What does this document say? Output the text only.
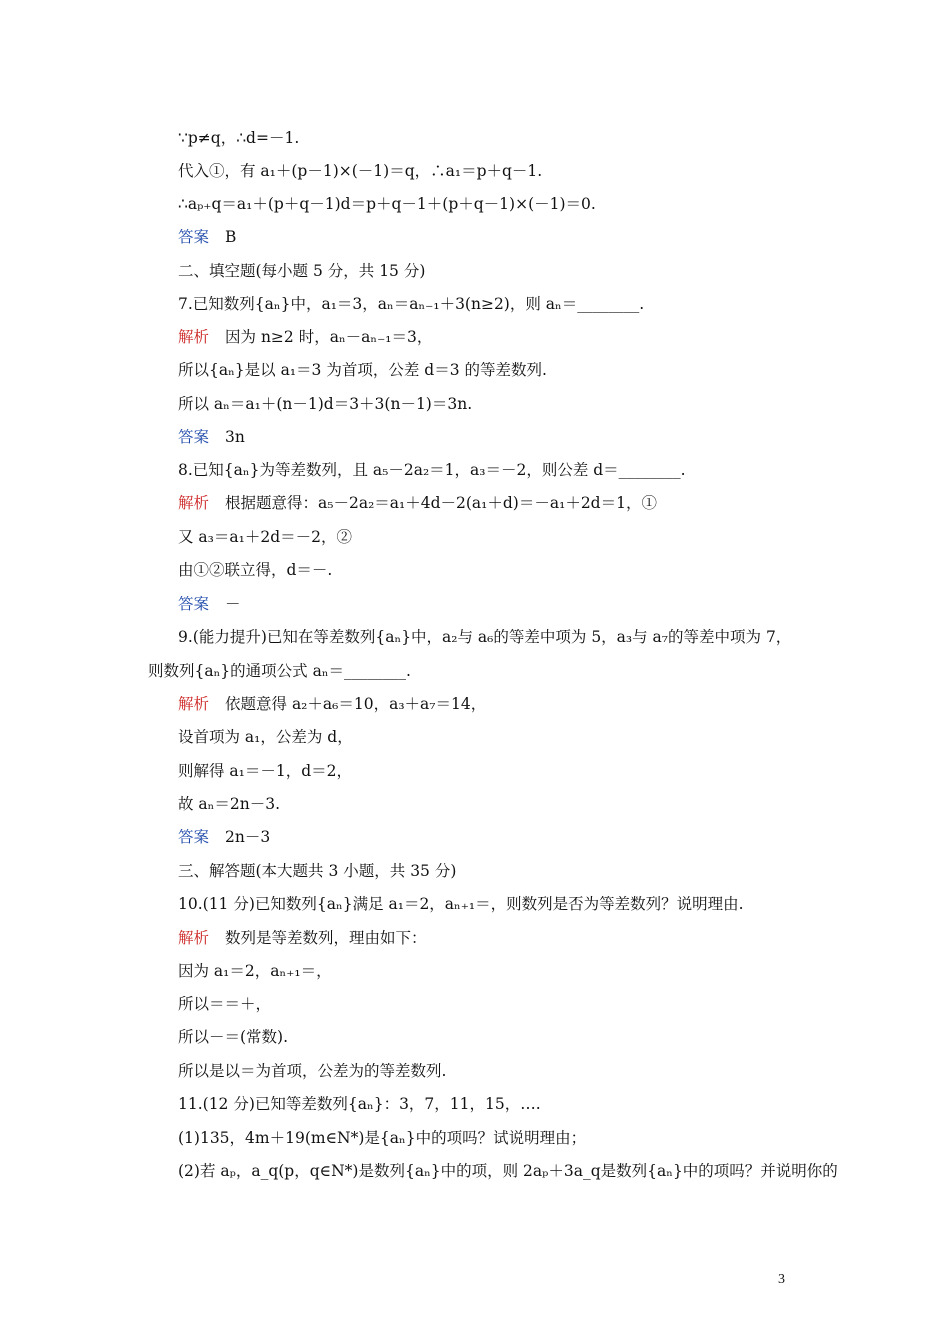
∵p≠q，∴d=－1.
代入①，有 a₁＋(p－1)×(－1)＝q，∴a₁＝p＋q－1.
∴aₚ₊q＝a₁＋(p＋q－1)d＝p＋q－1＋(p＋q－1)×(－1)＝0.
答案 B
二、填空题(每小题 5 分，共 15 分)
7.已知数列{aₙ}中，a₁＝3，aₙ＝aₙ₋₁＋3(n≥2)，则 aₙ＝________.
解析 因为 n≥2 时，aₙ－aₙ₋₁＝3，
所以{aₙ}是以 a₁＝3 为首项，公差 d＝3 的等差数列.
所以 aₙ＝a₁＋(n－1)d＝3＋3(n－1)＝3n.
答案 3n
8.已知{aₙ}为等差数列，且 a₅－2a₂＝1，a₃＝－2，则公差 d＝________.
解析 根据题意得：a₅－2a₂＝a₁＋4d－2(a₁＋d)＝－a₁＋2d＝1，①
又 a₃＝a₁＋2d＝－2，②
由①②联立得，d＝－.
答案 －
9.(能力提升)已知在等差数列{aₙ}中，a₂与 a₆的等差中项为 5，a₃与 a₇的等差中项为 7，
则数列{aₙ}的通项公式 aₙ＝________.
解析 依题意得 a₂＋a₆＝10，a₃＋a₇＝14，
设首项为 a₁，公差为 d，
则解得 a₁＝－1，d＝2，
故 aₙ＝2n－3.
答案 2n－3
三、解答题(本大题共 3 小题，共 35 分)
10.(11 分)已知数列{aₙ}满足 a₁＝2，aₙ₊₁＝，则数列是否为等差数列？说明理由.
解析 数列是等差数列，理由如下：
因为 a₁＝2，aₙ₊₁＝，
所以＝＝＋，
所以－＝(常数).
所以是以＝为首项，公差为的等差数列.
11.(12 分)已知等差数列{aₙ}：3，7，11，15，….
(1)135，4m＋19(m∈N*)是{aₙ}中的项吗？试说明理由；
(2)若 aₚ，a_q(p，q∈N*)是数列{aₙ}中的项，则 2aₚ＋3a_q是数列{aₙ}中的项吗？并说明你的
3
